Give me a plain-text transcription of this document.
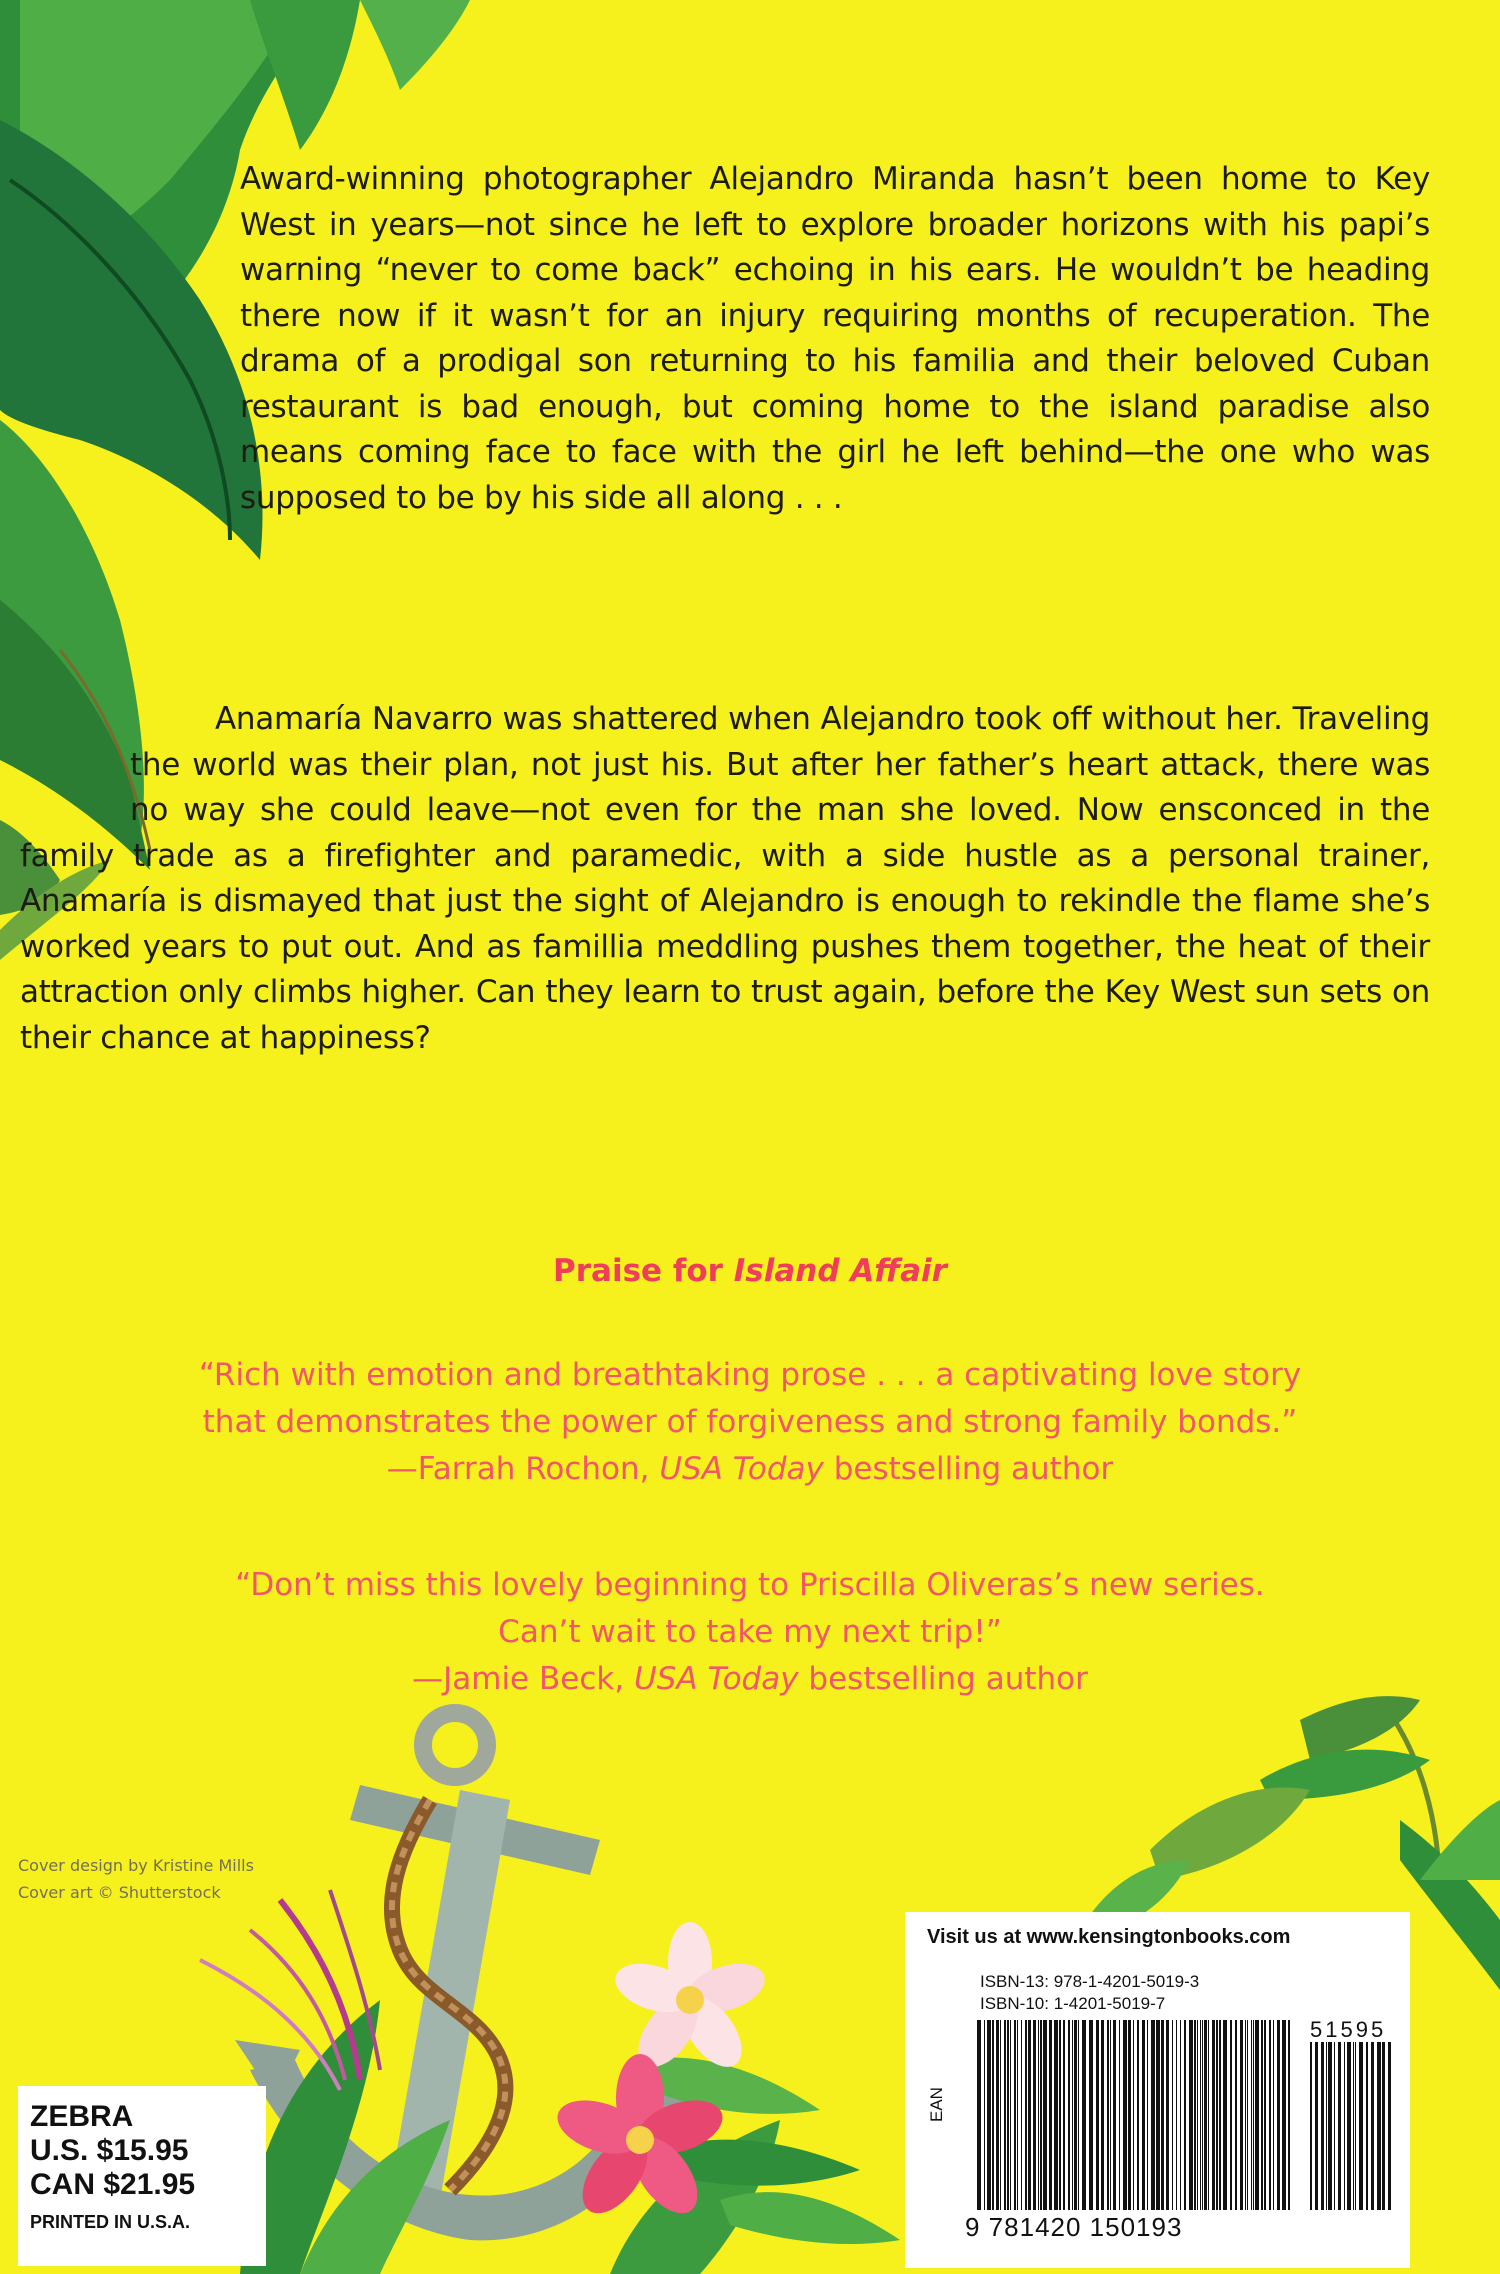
Award-winning photographer Alejandro Miranda hasn’t been home to Key West in years—not since he left to explore broader horizons with his papi’s warning “never to come back” echoing in his ears. He wouldn’t be heading there now if it wasn’t for an injury requiring months of recuperation. The drama of a prodigal son returning to his familia and their beloved Cuban restaurant is bad enough, but coming home to the island paradise also means coming face to face with the girl he left behind—the one who was supposed to be by his side all along . . .

Anamaría Navarro was shattered when Alejandro took off without her. Traveling the world was their plan, not just his. But after her father’s heart attack, there was no way she could leave—not even for the man she loved. Now ensconced in the family trade as a firefighter and paramedic, with a side hustle as a personal trainer, Anamaría is dismayed that just the sight of Alejandro is enough to rekindle the flame she’s worked years to put out. And as famillia meddling pushes them together, the heat of their attraction only climbs higher. Can they learn to trust again, before the Key West sun sets on their chance at happiness?

Praise for Island Affair

“Rich with emotion and breathtaking prose . . . a captivating love story

that demonstrates the power of forgiveness and strong family bonds.”

—Farrah Rochon, USA Today bestselling author

“Don’t miss this lovely beginning to Priscilla Oliveras’s new series.

Can’t wait to take my next trip!”

—Jamie Beck, USA Today bestselling author

Cover design by Kristine Mills
Cover art © Shutterstock

ZEBRA

U.S. $15.95

CAN $21.95

PRINTED IN U.S.A.

Visit us at www.kensingtonbooks.com

ISBN-13: 978-1-4201-5019-3

ISBN-10: 1-4201-5019-7

EAN

51595

9 781420 150193
